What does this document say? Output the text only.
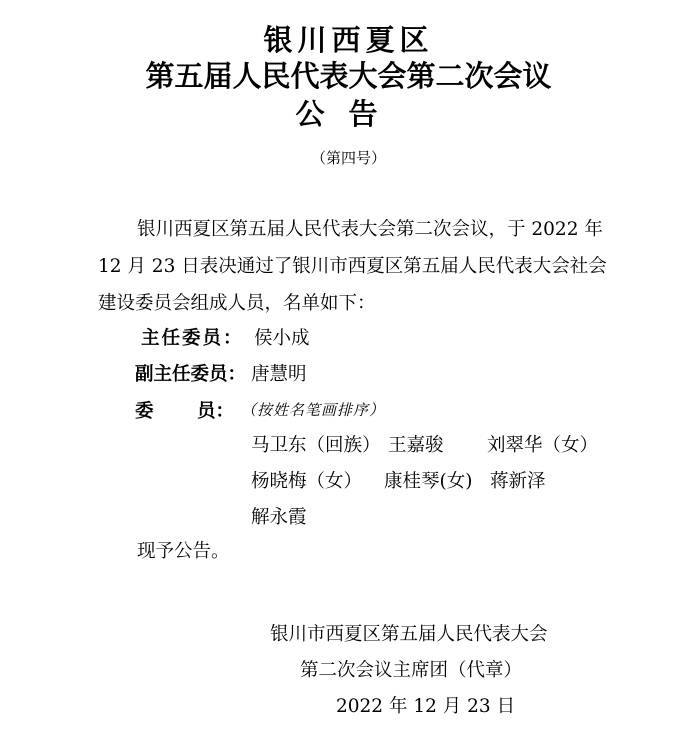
银川西夏区
第五届人民代表大会第二次会议
公告
（第四号）
银川西夏区第五届人民代表大会第二次会议，于 2022 年
12 月 23 日表决通过了银川市西夏区第五届人民代表大会社会
建设委员会组成人员，名单如下：
主任委员： 侯小成
副主任委员： 唐慧明
委 员： （按姓名笔画排序）
马卫东（回族） 王嘉骏 刘翠华（女）
杨晓梅（女） 康桂琴(女) 蒋新泽
解永霞
现予公告。
银川市西夏区第五届人民代表大会
第二次会议主席团（代章）
2022 年 12 月 23 日
